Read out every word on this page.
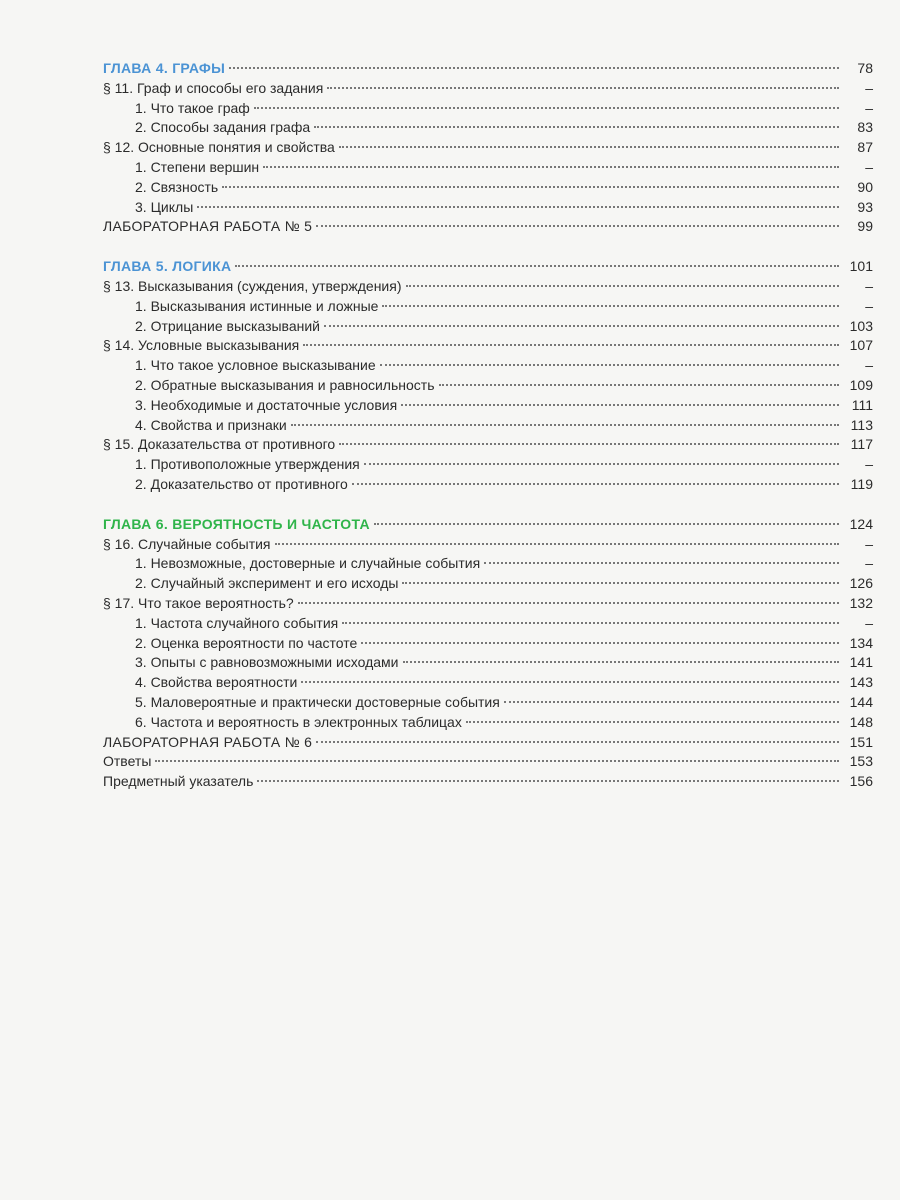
ГЛАВА 4. ГРАФЫ	78
§ 11. Граф и способы его задания	–
1. Что такое граф	–
2. Способы задания графа	83
§ 12. Основные понятия и свойства	87
1. Степени вершин	–
2. Связность	90
3. Циклы	93
ЛАБОРАТОРНАЯ РАБОТА № 5	99
ГЛАВА 5. ЛОГИКА	101
§ 13. Высказывания (суждения, утверждения)	–
1. Высказывания истинные и ложные	–
2. Отрицание высказываний	103
§ 14. Условные высказывания	107
1. Что такое условное высказывание	–
2. Обратные высказывания и равносильность	109
3. Необходимые и достаточные условия	111
4. Свойства и признаки	113
§ 15. Доказательства от противного	117
1. Противоположные утверждения	–
2. Доказательство от противного	119
ГЛАВА 6. ВЕРОЯТНОСТЬ И ЧАСТОТА	124
§ 16. Случайные события	–
1. Невозможные, достоверные и случайные события	–
2. Случайный эксперимент и его исходы	126
§ 17. Что такое вероятность?	132
1. Частота случайного события	–
2. Оценка вероятности по частоте	134
3. Опыты с равновозможными исходами	141
4. Свойства вероятности	143
5. Маловероятные и практически достоверные события	144
6. Частота и вероятность в электронных таблицах	148
ЛАБОРАТОРНАЯ РАБОТА № 6	151
Ответы	153
Предметный указатель	156
